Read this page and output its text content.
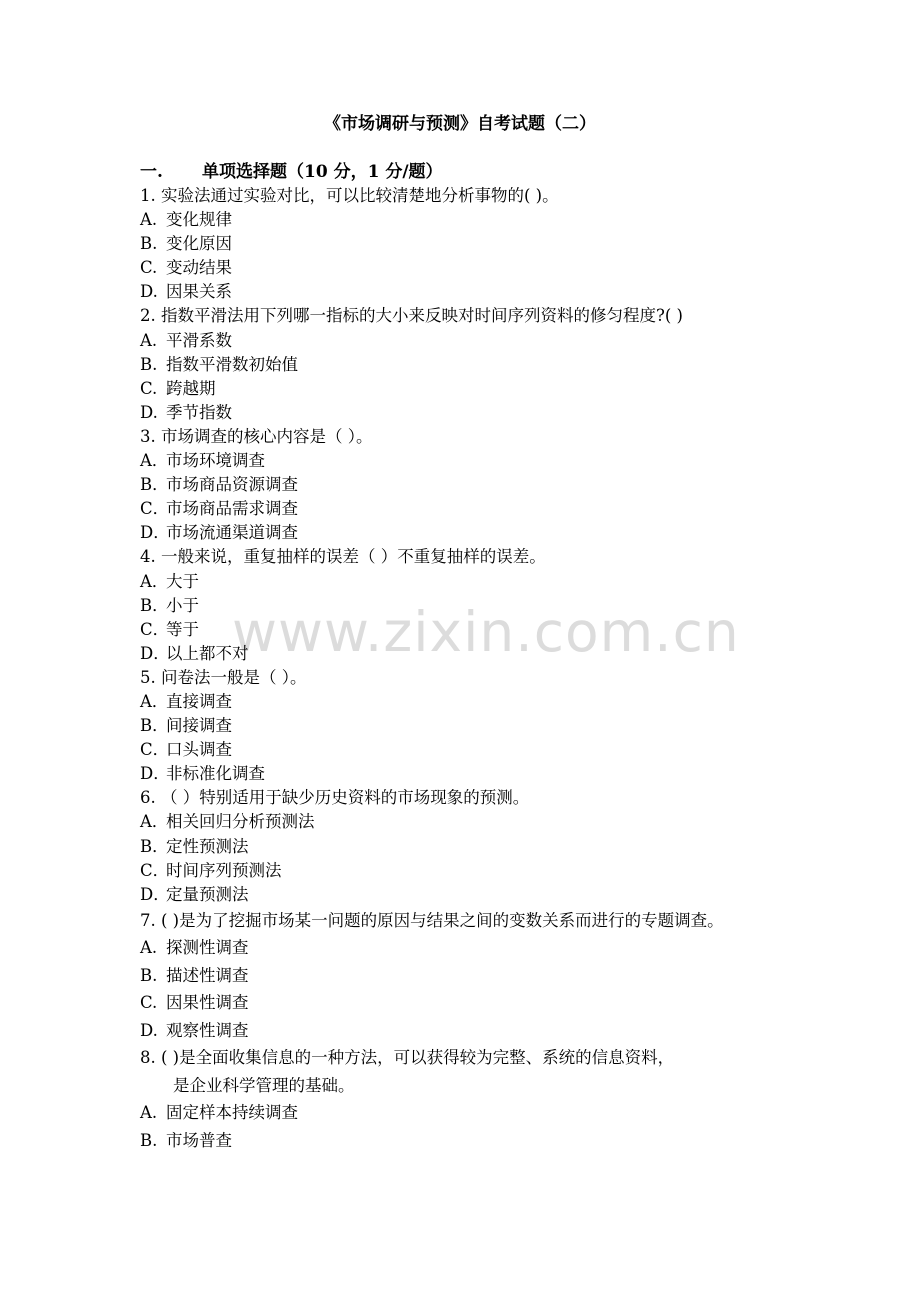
www.zixin.com.cn
《市场调研与预测》自考试题（二）
一. 单项选择题（10 分，1 分/题）
1. 实验法通过实验对比，可以比较清楚地分析事物的( )。
A. 变化规律
B. 变化原因
C. 变动结果
D. 因果关系
2. 指数平滑法用下列哪一指标的大小来反映对时间序列资料的修匀程度?( )
A. 平滑系数
B. 指数平滑数初始值
C. 跨越期
D. 季节指数
3. 市场调查的核心内容是（ ）。
A．市场环境调查
B．市场商品资源调查
C．市场商品需求调查
D．市场流通渠道调查
4. 一般来说，重复抽样的误差（ ）不重复抽样的误差。
A．大于
B．小于
C．等于
D．以上都不对
5. 问卷法一般是（ ）。
A．直接调查
B．间接调查
C．口头调查
D．非标准化调查
6. （ ）特别适用于缺少历史资料的市场现象的预测。
A．相关回归分析预测法
B．定性预测法
C．时间序列预测法
D．定量预测法
7. ( )是为了挖掘市场某一问题的原因与结果之间的变数关系而进行的专题调查。
A. 探测性调查
B. 描述性调查
C. 因果性调查
D. 观察性调查
8. ( )是全面收集信息的一种方法，可以获得较为完整、系统的信息资料，
是企业科学管理的基础。
A. 固定样本持续调查
B. 市场普查
